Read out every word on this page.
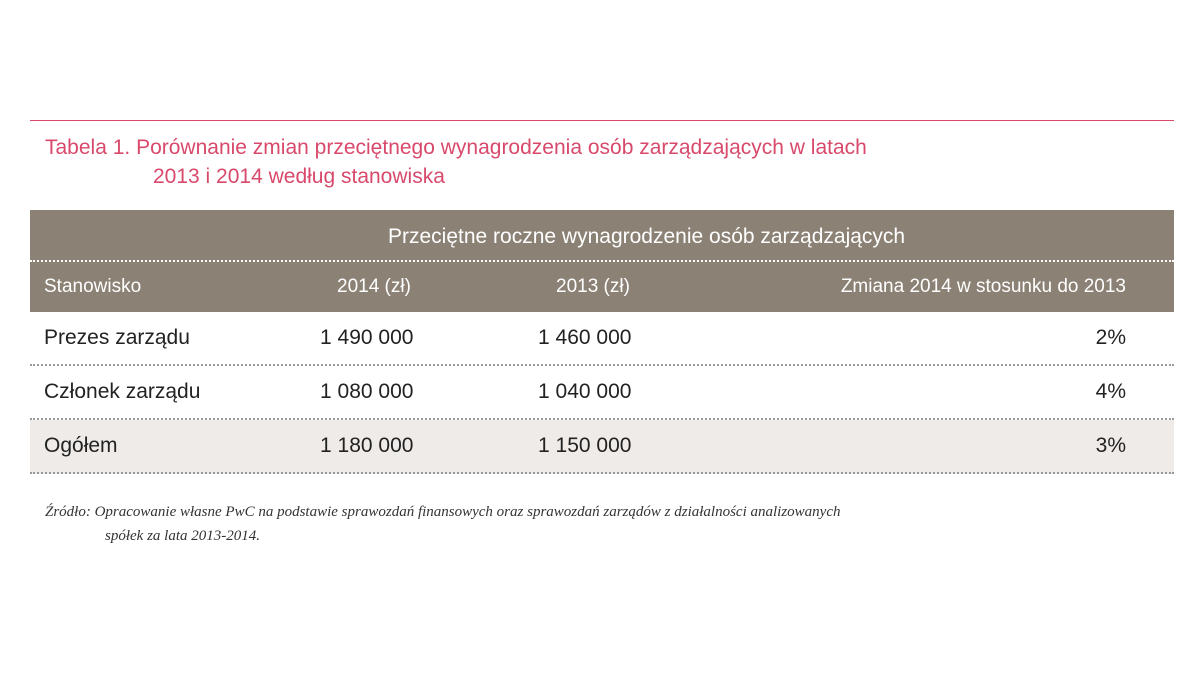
Tabela 1. Porównanie zmian przeciętnego wynagrodzenia osób zarządzających w latach
2013 i 2014 według stanowiska
Przeciętne roczne wynagrodzenie osób zarządzających
Stanowisko	2014 (zł)	2013 (zł)	Zmiana 2014 w stosunku do 2013
Prezes zarządu	1 490 000	1 460 000	2%
Członek zarządu	1 080 000	1 040 000	4%
Ogółem	1 180 000	1 150 000	3%
Źródło: Opracowanie własne PwC na podstawie sprawozdań finansowych oraz sprawozdań zarządów z działalności analizowanych
spółek za lata 2013-2014.
